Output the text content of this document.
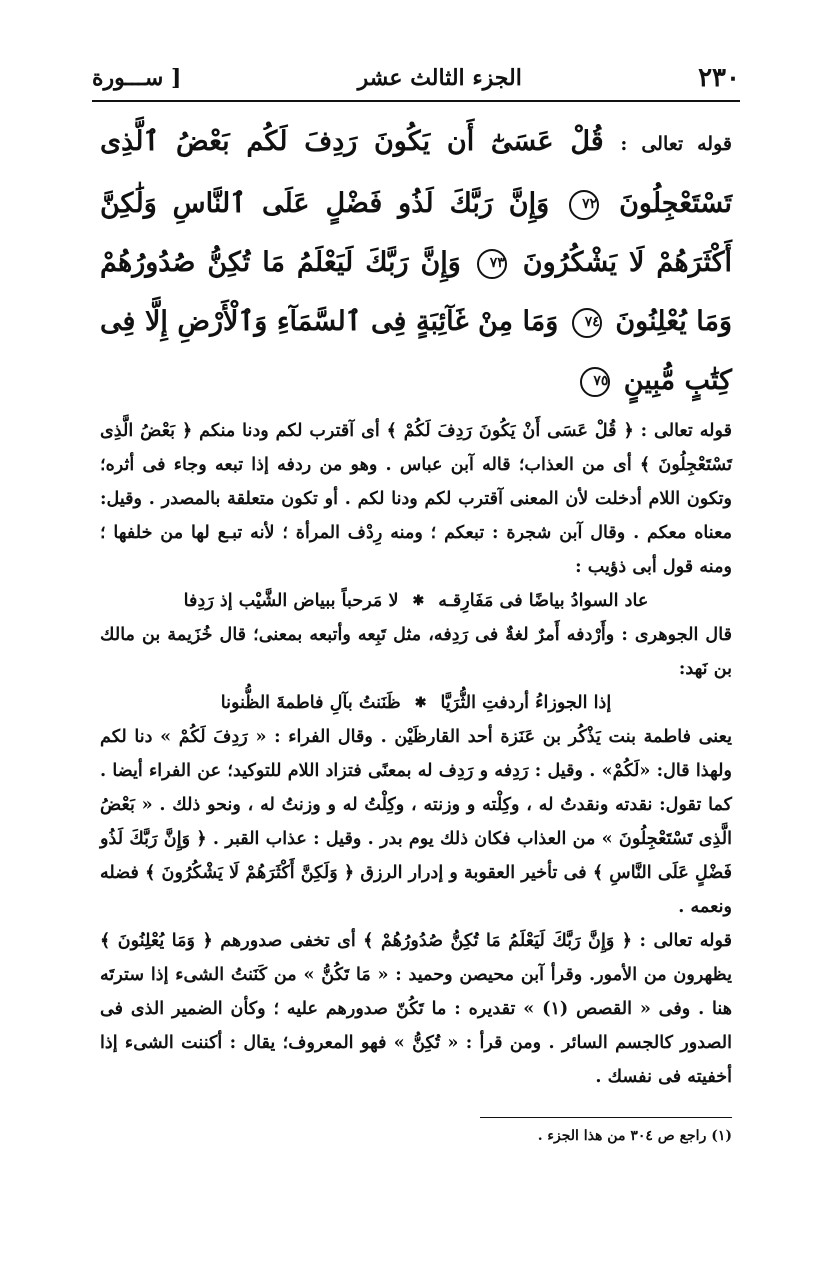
٢٣٠
الجزء الثالث عشر
[ ســـورة
قوله تعالى : قُلْ عَسَىٰٓ أَن يَكُونَ رَدِفَ لَكُم بَعْضُ ٱلَّذِى تَسْتَعْجِلُونَ ٧٢ وَإِنَّ رَبَّكَ لَذُو فَضْلٍ عَلَى ٱلنَّاسِ وَلَٰكِنَّ أَكْثَرَهُمْ لَا يَشْكُرُونَ ٧٣ وَإِنَّ رَبَّكَ لَيَعْلَمُ مَا تُكِنُّ صُدُورُهُمْ وَمَا يُعْلِنُونَ ٧٤ وَمَا مِنْ غَآئِبَةٍ فِى ٱلسَّمَآءِ وَٱلْأَرْضِ إِلَّا فِى كِتَٰبٍ مُّبِينٍ ٧٥

قوله تعالى : ﴿ قُلْ عَسَى أَنْ يَكُونَ رَدِفَ لَكُمْ ﴾ أى آقترب لكم ودنا منكم ﴿ بَعْضُ الَّذِى تَسْتَعْجِلُونَ ﴾ أى من العذاب؛ قاله آبن عباس . وهو من ردفه إذا تبعه وجاء فى أثره؛ وتكون اللام أدخلت لأن المعنى آقترب لكم ودنا لكم . أو تكون متعلقة بالمصدر . وقيل: معناه معكم . وقال آبن شجرة : تبعكم ؛ ومنه رِدْف المرأة ؛ لأنه تبـع لها من خلفها ؛ ومنه قول أبى ذؤيب :

عاد السوادُ بياضًا فى مَفَارِقـه
✱
لا مَرحباً ببياض الشَّيْب إذ رَدِفا

قال الجوهرى : وأَرْدفه أَمرٌ لغةٌ فى رَدِفه، مثل تَبِعه وأتبعه بمعنى؛ قال خُزَيمة بن مالك بن نَهد:

إذا الجوزاءُ أردفتِ الثُّرَيَّا
✱
ظَنَنتُ بآلِ فاطمةَ الظُّنونا

يعنى فاطمة بنت يَذْكُر بن عَنَزة أحد القارظَيْن . وقال الفراء : « رَدِفَ لَكُمْ » دنا لكم ولهذا قال: «لَكُمْ» . وقيل : رَدِفه و رَدِف له بمعنًى فتزاد اللام للتوكيد؛ عن الفراء أيضا . كما تقول: نقدته ونقدتُ له ، وكِلْته و وزنته ، وكِلْتُ له و وزنتُ له ، ونحو ذلك . « بَعْضُ الَّذِى تَسْتَعْجِلُونَ » من العذاب فكان ذلك يوم بدر . وقيل : عذاب القبر . ﴿ وَإِنَّ رَبَّكَ لَذُو فَضْلٍ عَلَى النَّاسِ ﴾ فى تأخير العقوبة و إدرار الرزق ﴿ وَلَكِنَّ أَكْثَرَهُمْ لَا يَشْكُرُونَ ﴾ فضله ونعمه .

قوله تعالى : ﴿ وَإِنَّ رَبَّكَ لَيَعْلَمُ مَا تُكِنُّ صُدُورُهُمْ ﴾ أى تخفى صدورهم ﴿ وَمَا يُعْلِنُونَ ﴾ يظهرون من الأمور. وقرأ آبن محيصن وحميد : « مَا تَكُنُّ » من كَنَنتُ الشىء إذا سترتَه هنا . وفى « القصص (١) » تقديره : ما تَكُنّ صدورهم عليه ؛ وكأن الضمير الذى فى الصدور كالجسم السائر . ومن قرأ : « تُكِنُّ » فهو المعروف؛ يقال : أكننت الشىء إذا أخفيته فى نفسك .

(١) راجع ص ٣٠٤ من هذا الجزء .
